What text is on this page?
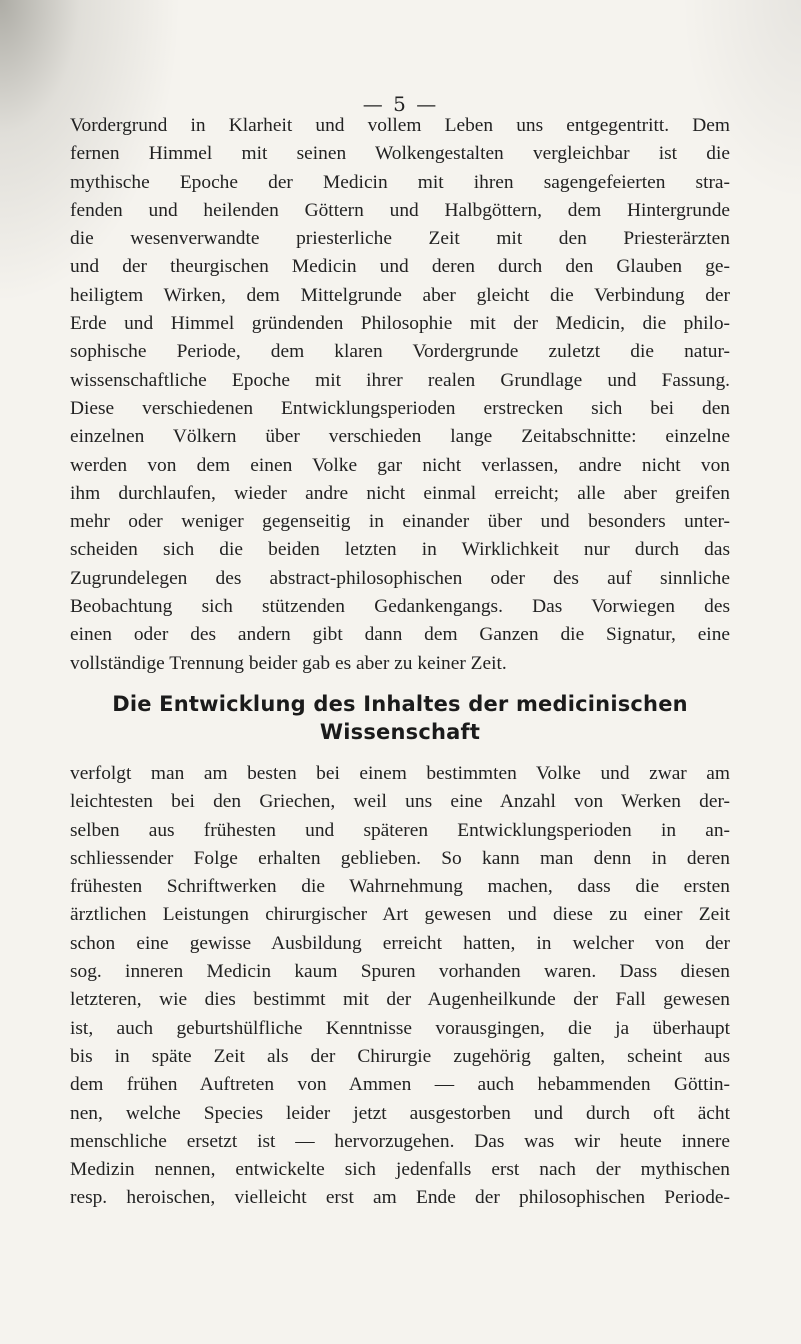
— 5 —
Vordergrund in Klarheit und vollem Leben uns entgegentritt. Dem
fernen Himmel mit seinen Wolkengestalten vergleichbar ist die
mythische Epoche der Medicin mit ihren sagengefeierten stra-
fenden und heilenden Göttern und Halbgöttern, dem Hintergrunde
die wesenverwandte priesterliche Zeit mit den Priesterärzten
und der theurgischen Medicin und deren durch den Glauben ge-
heiligtem Wirken, dem Mittelgrunde aber gleicht die Verbindung der
Erde und Himmel gründenden Philosophie mit der Medicin, die philo-
sophische Periode, dem klaren Vordergrunde zuletzt die natur-
wissenschaftliche Epoche mit ihrer realen Grundlage und Fassung.
Diese verschiedenen Entwicklungsperioden erstrecken sich bei den
einzelnen Völkern über verschieden lange Zeitabschnitte: einzelne
werden von dem einen Volke gar nicht verlassen, andre nicht von
ihm durchlaufen, wieder andre nicht einmal erreicht; alle aber greifen
mehr oder weniger gegenseitig in einander über und besonders unter-
scheiden sich die beiden letzten in Wirklichkeit nur durch das
Zugrundelegen des abstract-philosophischen oder des auf sinnliche
Beobachtung sich stützenden Gedankengangs. Das Vorwiegen des
einen oder des andern gibt dann dem Ganzen die Signatur, eine
vollständige Trennung beider gab es aber zu keiner Zeit.
Die Entwicklung des Inhaltes der medicinischen
Wissenschaft
verfolgt man am besten bei einem bestimmten Volke und zwar am
leichtesten bei den Griechen, weil uns eine Anzahl von Werken der-
selben aus frühesten und späteren Entwicklungsperioden in an-
schliessender Folge erhalten geblieben. So kann man denn in deren
frühesten Schriftwerken die Wahrnehmung machen, dass die ersten
ärztlichen Leistungen chirurgischer Art gewesen und diese zu einer Zeit
schon eine gewisse Ausbildung erreicht hatten, in welcher von der
sog. inneren Medicin kaum Spuren vorhanden waren. Dass diesen
letzteren, wie dies bestimmt mit der Augenheilkunde der Fall gewesen
ist, auch geburtshülfliche Kenntnisse vorausgingen, die ja überhaupt
bis in späte Zeit als der Chirurgie zugehörig galten, scheint aus
dem frühen Auftreten von Ammen — auch hebammenden Göttin-
nen, welche Species leider jetzt ausgestorben und durch oft ächt
menschliche ersetzt ist — hervorzugehen. Das was wir heute innere
Medizin nennen, entwickelte sich jedenfalls erst nach der mythischen
resp. heroischen, vielleicht erst am Ende der philosophischen Periode-
